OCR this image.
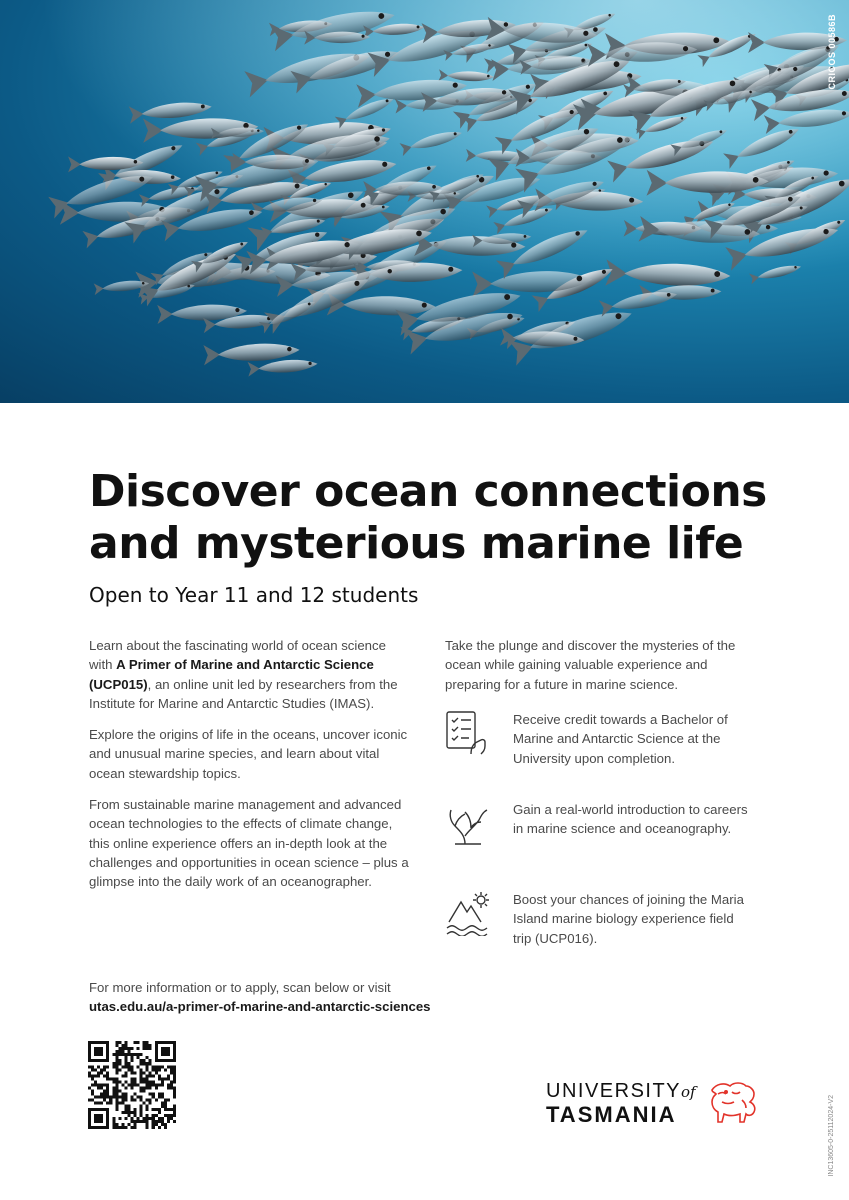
CRICOS 00586B
Discover ocean connections and mysterious marine life

Open to Year 11 and 12 students

Learn about the fascinating world of ocean science with A Primer of Marine and Antarctic Science (UCP015), an online unit led by researchers from the Institute for Marine and Antarctic Studies (IMAS).

Explore the origins of life in the oceans, uncover iconic and unusual marine species, and learn about vital ocean stewardship topics.

From sustainable marine management and advanced ocean technologies to the effects of climate change, this online experience offers an in-depth look at the challenges and opportunities in ocean science – plus a glimpse into the daily work of an oceanographer.

Take the plunge and discover the mysteries of the ocean while gaining valuable experience and preparing for a future in marine science.

Receive credit towards a Bachelor of Marine and Antarctic Science at the University upon completion.

Gain a real-world introduction to careers in marine science and oceanography.

Boost your chances of joining the Maria Island marine biology experience field trip (UCP016).

For more information or to apply, scan below or visit

utas.edu.au/a-primer-of-marine-and-antarctic-sciences

UNIVERSITYof
TASMANIA	INC13605-0-25112024-V2
